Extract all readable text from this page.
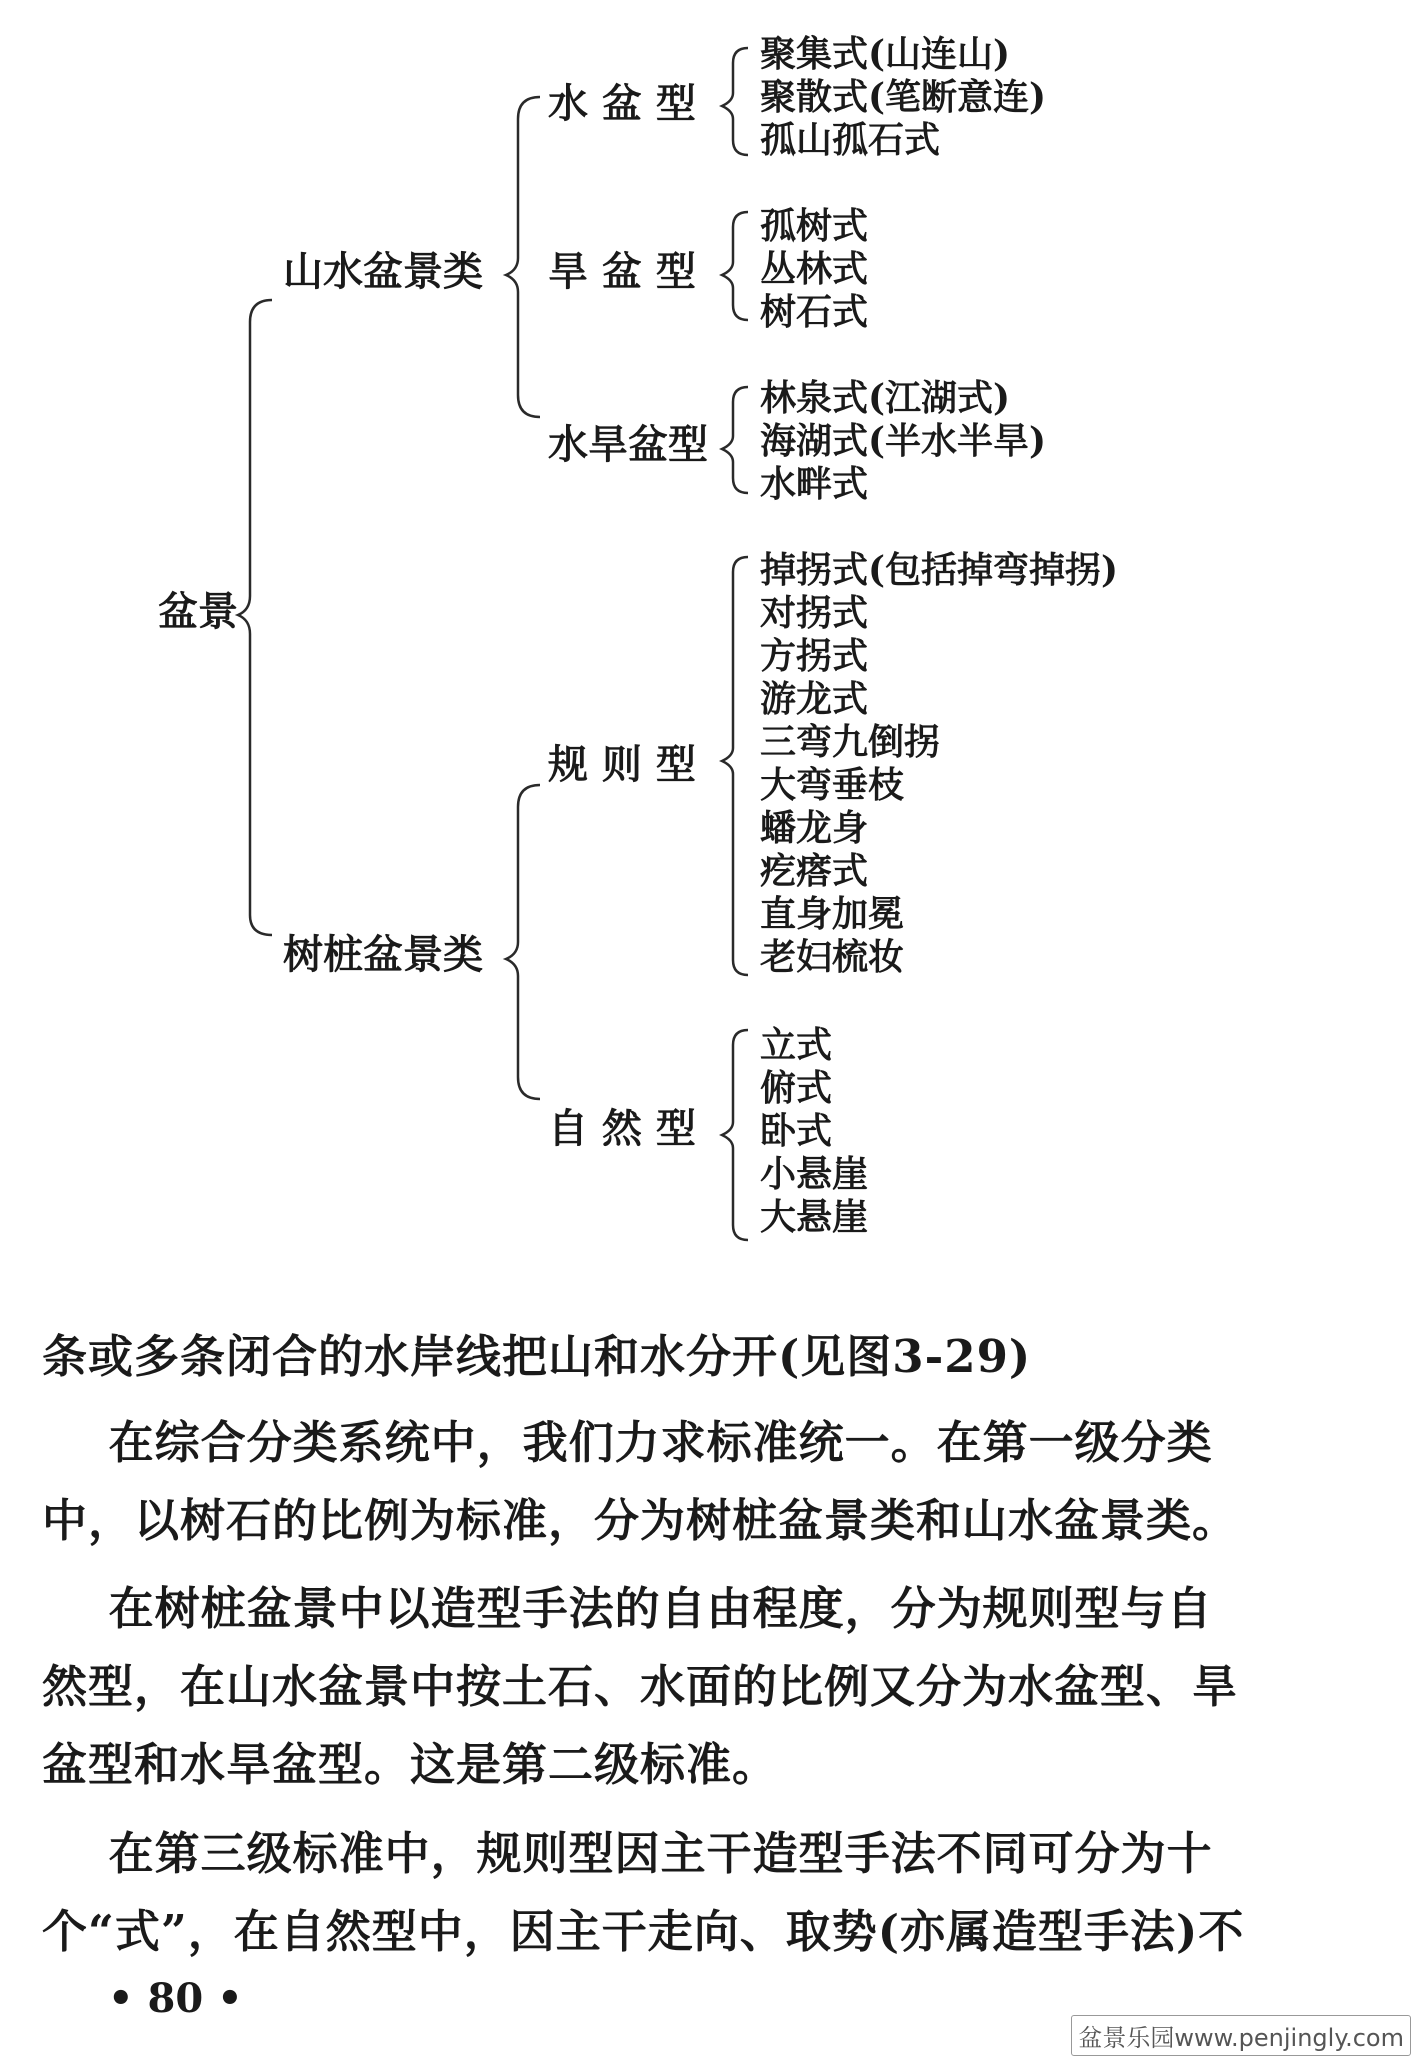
盆景
山水盆景类
树桩盆景类
水 盆 型
旱 盆 型
水旱盆型
规 则 型
自 然 型
聚集式(山连山)
聚散式(笔断意连)
孤山孤石式
孤树式
丛林式
树石式
林泉式(江湖式)
海湖式(半水半旱)
水畔式
掉拐式(包括掉弯掉拐)
对拐式
方拐式
游龙式
三弯九倒拐
大弯垂枝
蟠龙身
疙瘩式
直身加冕
老妇梳妆
立式
俯式
卧式
小悬崖
大悬崖
条或多条闭合的水岸线把山和水分开(见图3-29)
在综合分类系统中，我们力求标准统一。在第一级分类
中，以树石的比例为标准，分为树桩盆景类和山水盆景类。
在树桩盆景中以造型手法的自由程度，分为规则型与自
然型，在山水盆景中按土石、水面的比例又分为水盆型、旱
盆型和水旱盆型。这是第二级标准。
在第三级标准中，规则型因主干造型手法不同可分为十
个“式”，在自然型中，因主干走向、取势(亦属造型手法)不
• 80 •
盆景乐园www.penjingly.com
